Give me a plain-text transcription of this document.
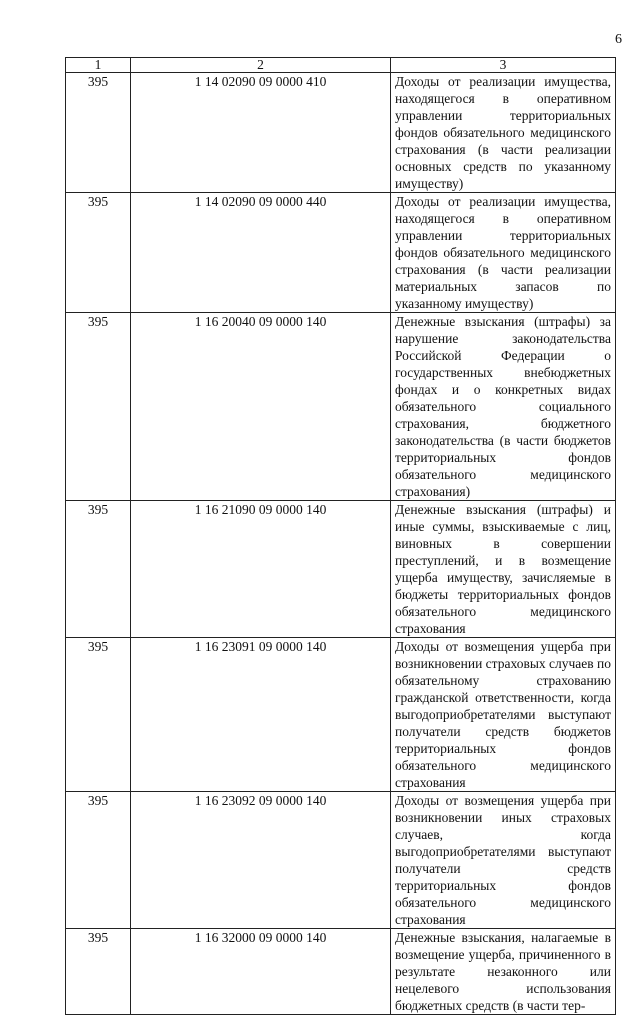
6
1	2	3
395	1 14 02090 09 0000 410	Доходы от реализации имущества, находящегося в оперативном управлении территориальных фондов обязательного медицинского страхования (в части реализации основных средств по указанному имуществу)

395	1 14 02090 09 0000 440	Доходы от реализации имущества, находящегося в оперативном управлении территориальных фондов обязательного медицинского страхования (в части реализации материальных запасов по указанному имуществу)

395	1 16 20040 09 0000 140	Денежные взыскания (штрафы) за нарушение законодательства Российской Федерации о государственных внебюджетных фондах и о конкретных видах обязательного социального страхования, бюджетного законодательства (в части бюджетов территориальных фондов обязательного медицинского страхования)

395	1 16 21090 09 0000 140	Денежные взыскания (штрафы) и иные суммы, взыскиваемые с лиц, виновных в совершении преступлений, и в возмещение ущерба имуществу, зачисляемые в бюджеты территориальных фондов обязательного медицинского страхования

395	1 16 23091 09 0000 140	Доходы от возмещения ущерба при возникновении страховых случаев по обязательному страхованию гражданской ответственности, когда выгодоприобретателями выступают получатели средств бюджетов территориальных фондов обязательного медицинского страхования

395	1 16 23092 09 0000 140	Доходы от возмещения ущерба при возникновении иных страховых случаев, когда выгодоприобретателями выступают получатели средств территориальных фондов обязательного медицинского страхования

395	1 16 32000 09 0000 140	Денежные взыскания, налагаемые в возмещение ущерба, причиненного в результате незаконного или нецелевого использования бюджетных средств (в части тер-
